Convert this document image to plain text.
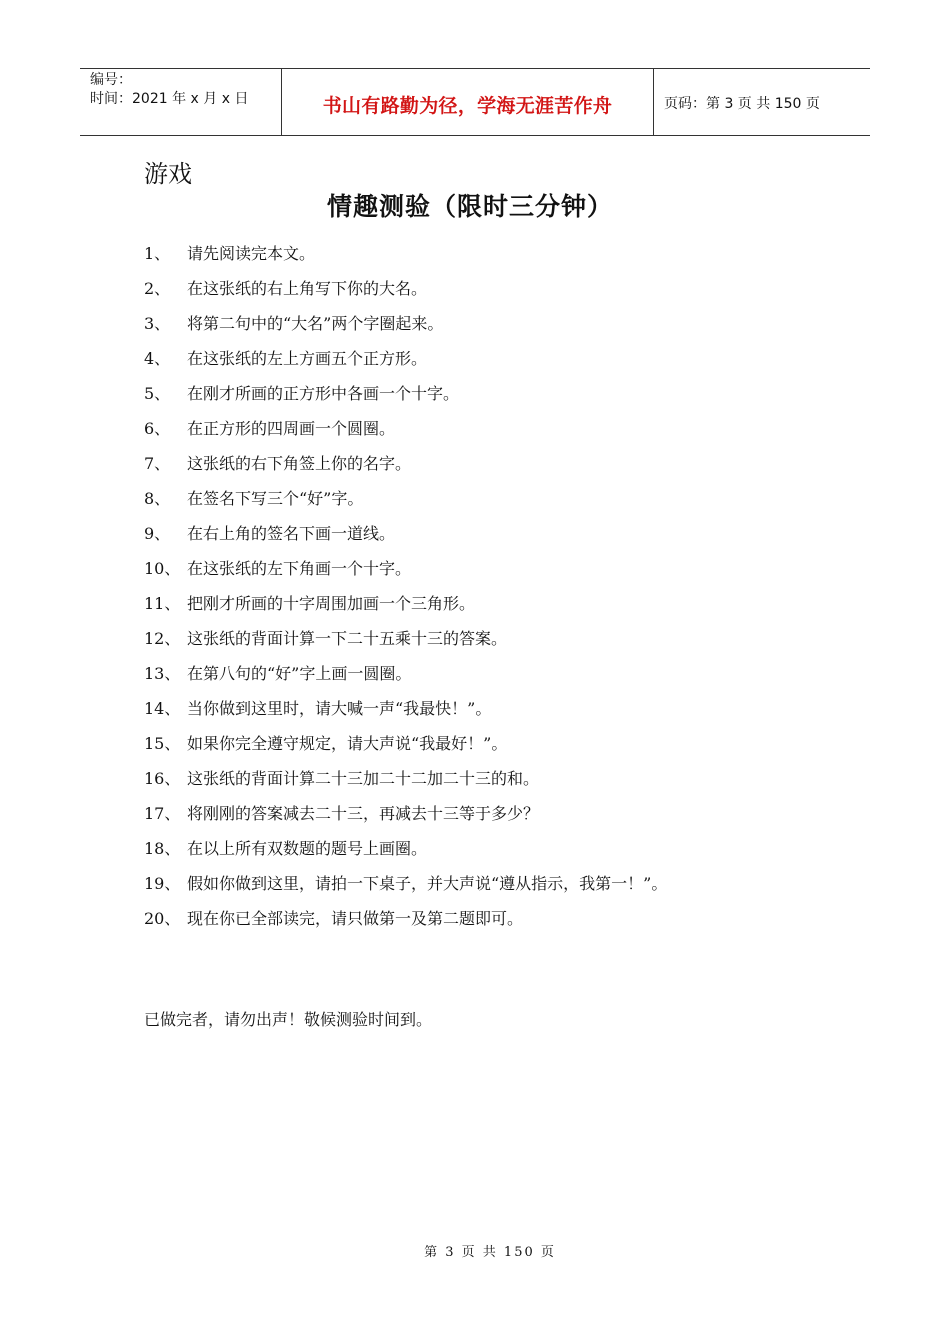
编号：
时间：2021 年 x 月 x 日	书山有路勤为径，学海无涯苦作舟	页码：第 3 页 共 150 页
游戏
情趣测验（限时三分钟）
1、	请先阅读完本文。
2、	在这张纸的右上角写下你的大名。
3、	将第二句中的“大名”两个字圈起来。
4、	在这张纸的左上方画五个正方形。
5、	在刚才所画的正方形中各画一个十字。
6、	在正方形的四周画一个圆圈。
7、	这张纸的右下角签上你的名字。
8、	在签名下写三个“好”字。
9、	在右上角的签名下画一道线。
10、 在这张纸的左下角画一个十字。
11、 把刚才所画的十字周围加画一个三角形。
12、 这张纸的背面计算一下二十五乘十三的答案。
13、 在第八句的“好”字上画一圆圈。
14、 当你做到这里时，请大喊一声“我最快！”。
15、 如果你完全遵守规定，请大声说“我最好！”。
16、 这张纸的背面计算二十三加二十二加二十三的和。
17、 将刚刚的答案减去二十三，再减去十三等于多少？
18、 在以上所有双数题的题号上画圈。
19、 假如你做到这里，请拍一下桌子，并大声说“遵从指示，我第一！”。
20、 现在你已全部读完，请只做第一及第二题即可。
已做完者，请勿出声！敬候测验时间到。
第 3 页 共 150 页
